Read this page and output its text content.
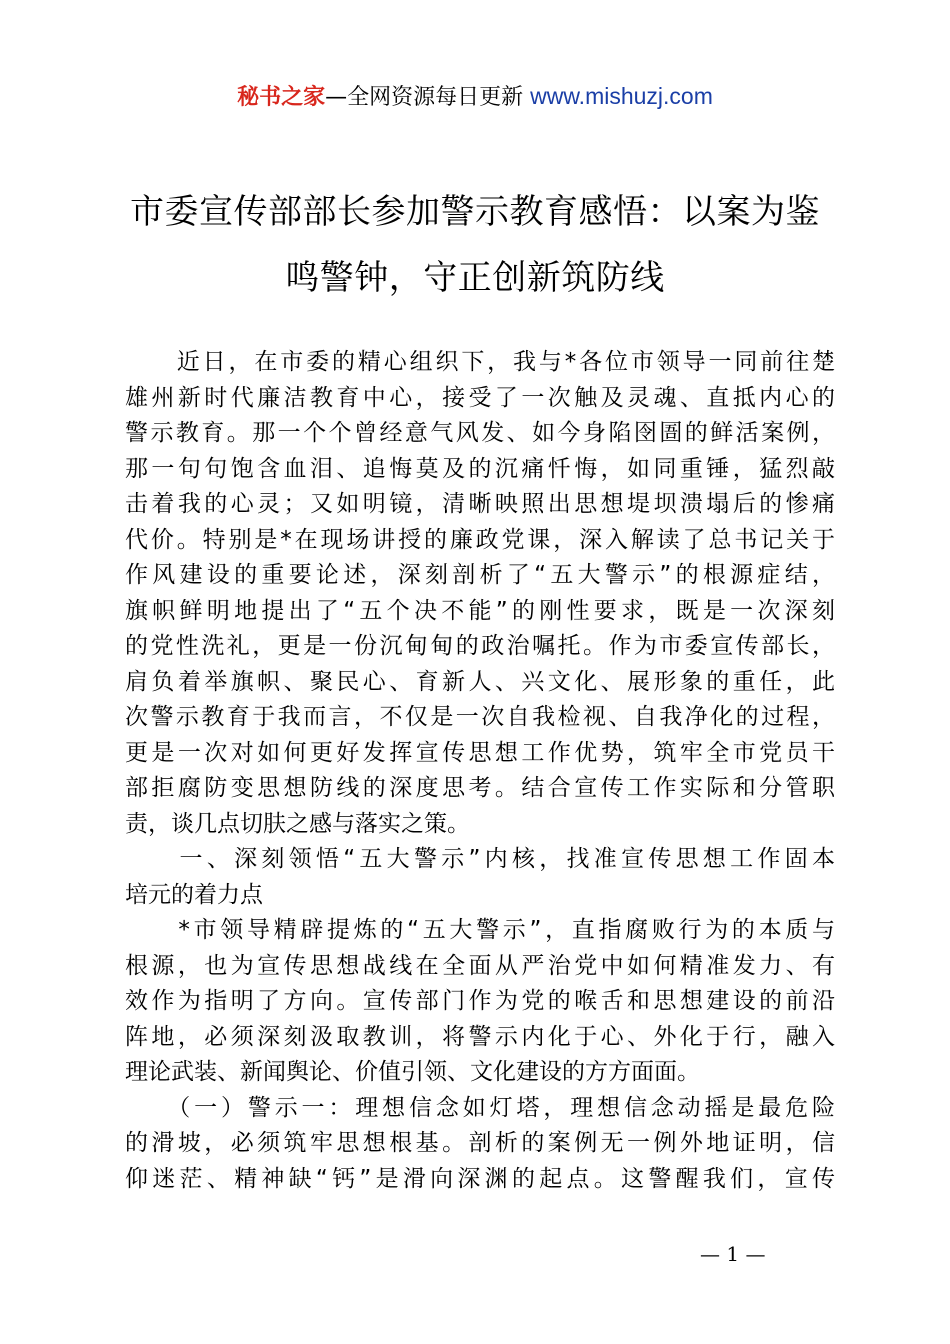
秘书之家—全网资源每日更新 www.mishuzj.com
市委宣传部部长参加警示教育感悟：以案为鉴
鸣警钟，守正创新筑防线
　　近日，在市委的精心组织下，我与*各位市领导一同前往楚
雄州新时代廉洁教育中心，接受了一次触及灵魂、直抵内心的
警示教育。那一个个曾经意气风发、如今身陷囹圄的鲜活案例，
那一句句饱含血泪、追悔莫及的沉痛忏悔，如同重锤，猛烈敲
击着我的心灵；又如明镜，清晰映照出思想堤坝溃塌后的惨痛
代价。特别是*在现场讲授的廉政党课，深入解读了总书记关于
作风建设的重要论述，深刻剖析了“五大警示”的根源症结，
旗帜鲜明地提出了“五个决不能”的刚性要求，既是一次深刻
的党性洗礼，更是一份沉甸甸的政治嘱托。作为市委宣传部长，
肩负着举旗帜、聚民心、育新人、兴文化、展形象的重任，此
次警示教育于我而言，不仅是一次自我检视、自我净化的过程，
更是一次对如何更好发挥宣传思想工作优势，筑牢全市党员干
部拒腐防变思想防线的深度思考。结合宣传工作实际和分管职
责，谈几点切肤之感与落实之策。
　　一、深刻领悟“五大警示”内核，找准宣传思想工作固本
培元的着力点
　　*市领导精辟提炼的“五大警示”，直指腐败行为的本质与
根源，也为宣传思想战线在全面从严治党中如何精准发力、有
效作为指明了方向。宣传部门作为党的喉舌和思想建设的前沿
阵地，必须深刻汲取教训，将警示内化于心、外化于行，融入
理论武装、新闻舆论、价值引领、文化建设的方方面面。
　　（一）警示一：理想信念如灯塔，理想信念动摇是最危险
的滑坡，必须筑牢思想根基。剖析的案例无一例外地证明，信
仰迷茫、精神缺“钙”是滑向深渊的起点。这警醒我们，宣传
— 1 —
